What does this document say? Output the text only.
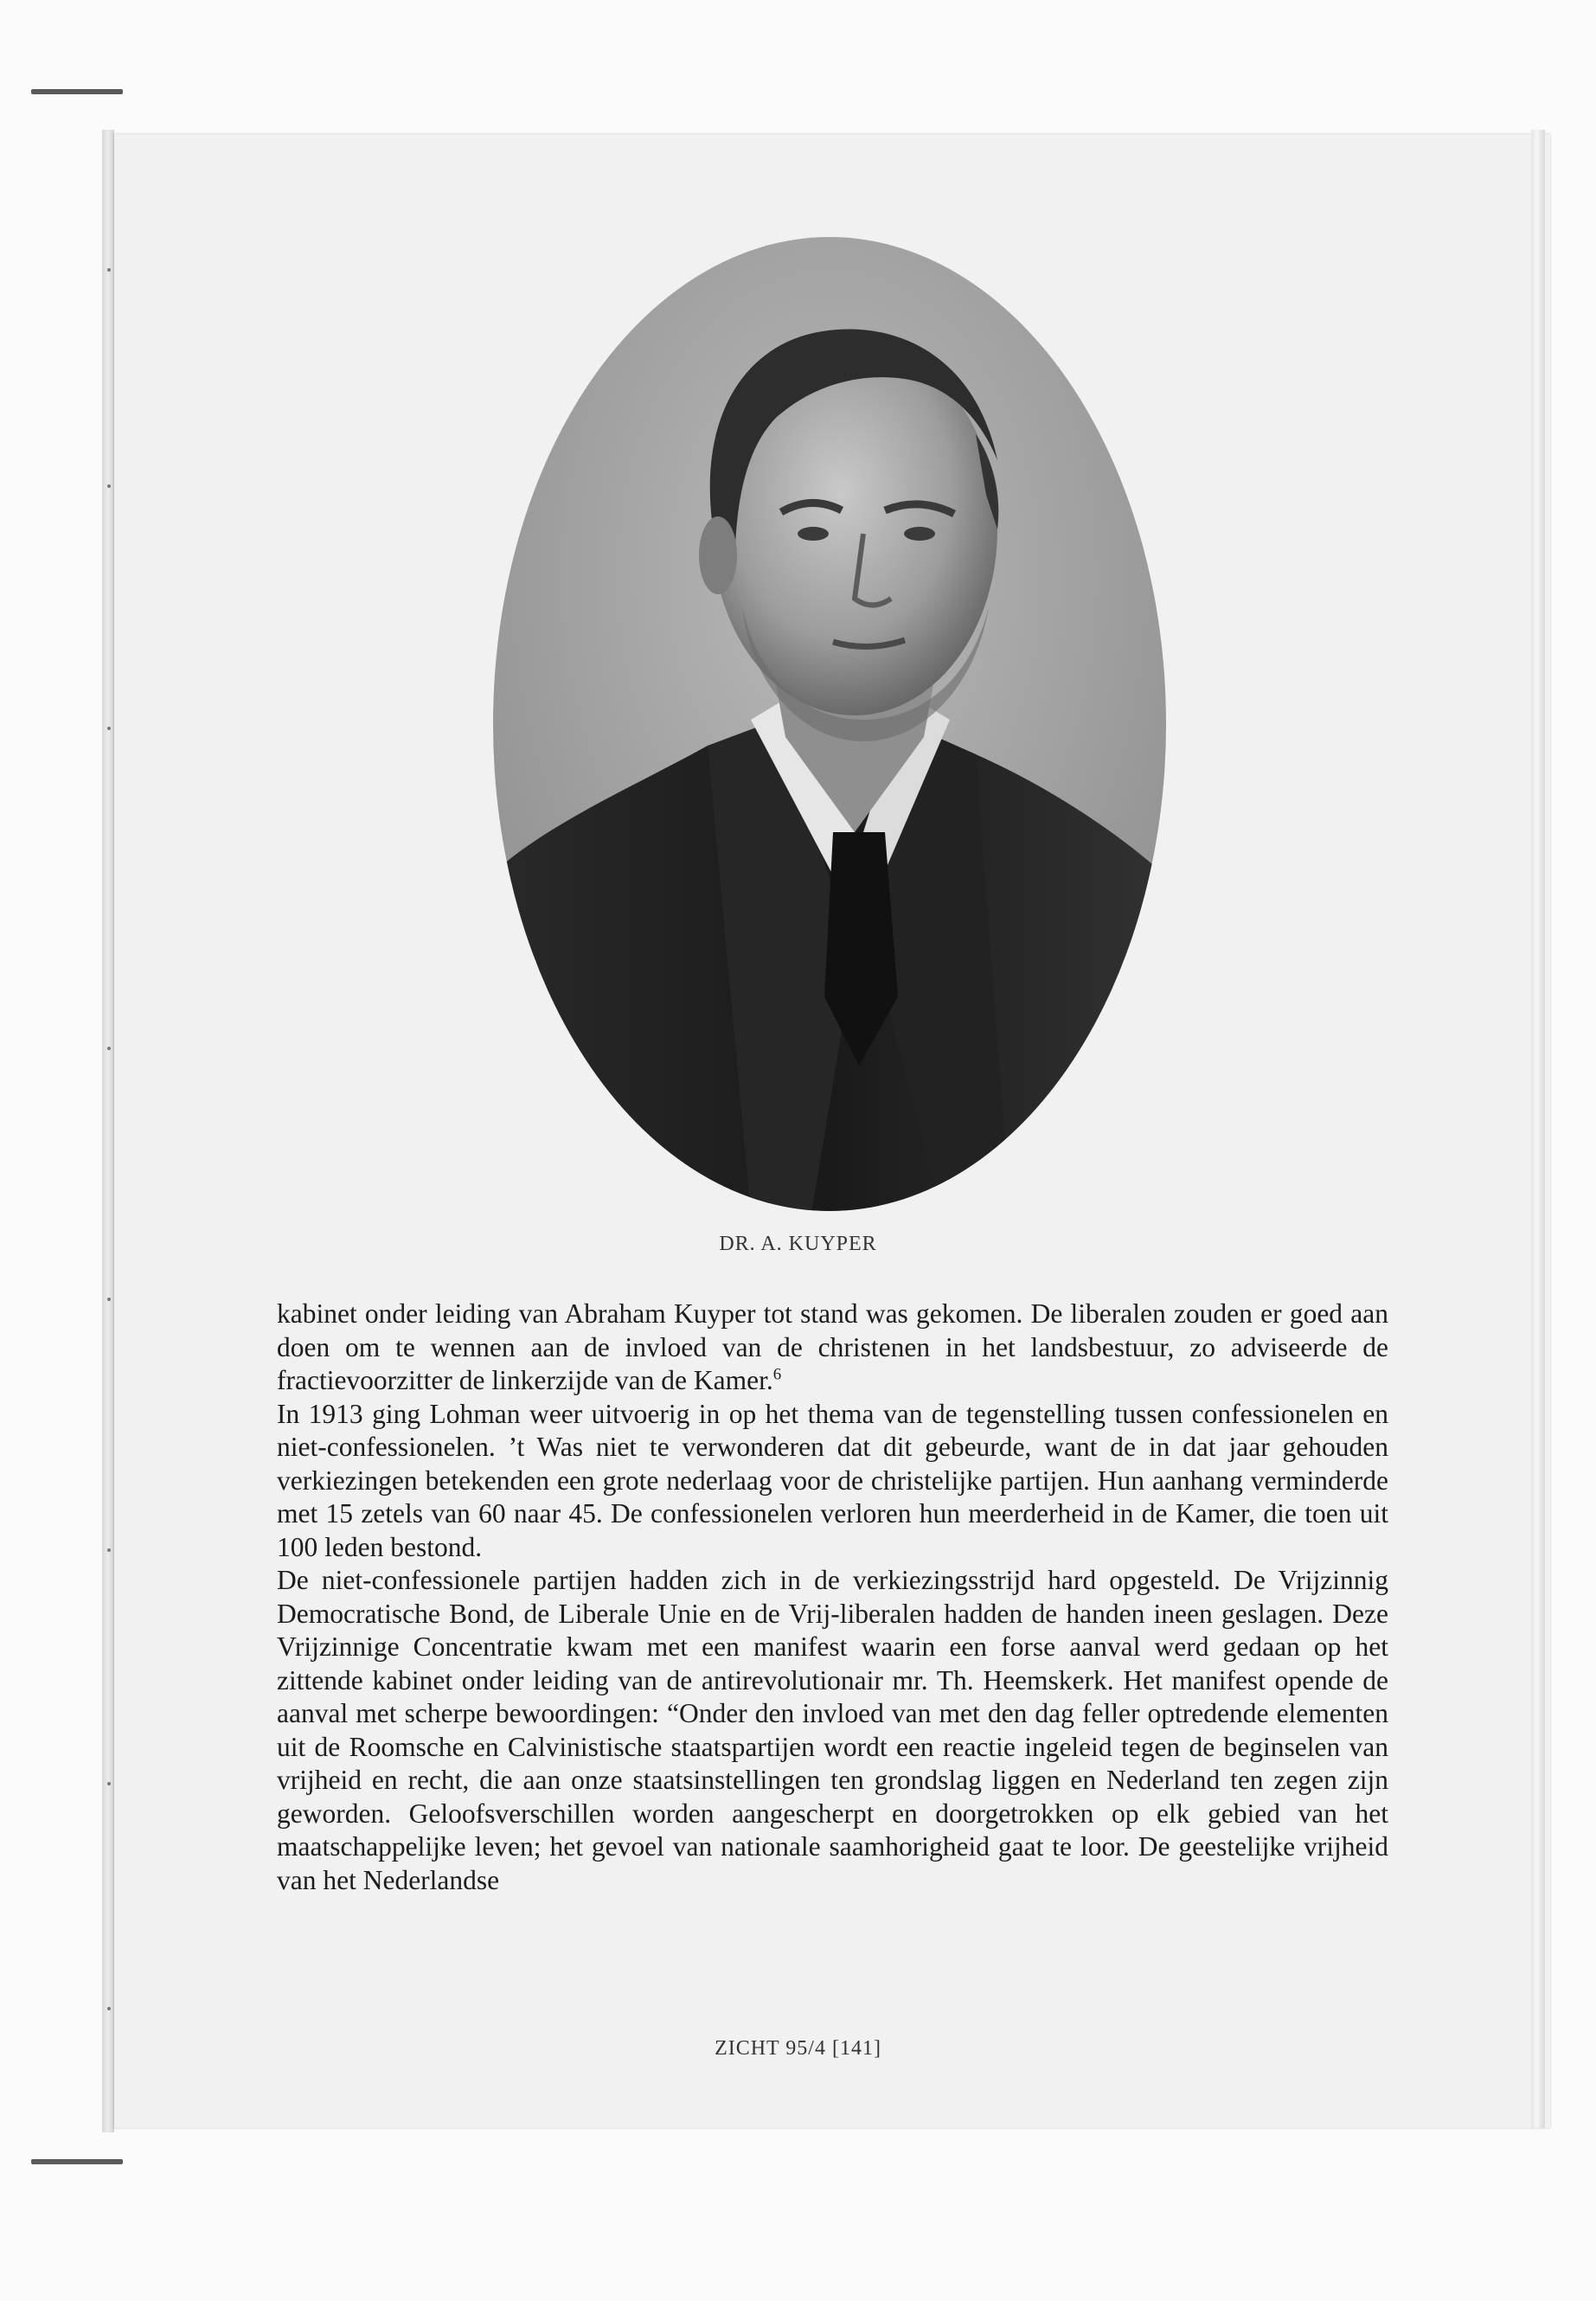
DR. A. KUYPER

kabinet onder leiding van Abraham Kuyper tot stand was gekomen. De liberalen zouden er goed aan doen om te wennen aan de invloed van de christenen in het landsbestuur, zo adviseerde de fractievoorzitter de linkerzijde van de Kamer.$^6$

In 1913 ging Lohman weer uitvoerig in op het thema van de tegenstelling tussen confessionelen en niet-confessionelen. ’t Was niet te verwonderen dat dit gebeurde, want de in dat jaar gehouden verkiezingen betekenden een grote nederlaag voor de christelijke partijen. Hun aanhang verminderde met 15 zetels van 60 naar 45. De confessionelen verloren hun meerderheid in de Kamer, die toen uit 100 leden bestond.

De niet-confessionele partijen hadden zich in de verkiezingsstrijd hard opgesteld. De Vrijzinnig Democratische Bond, de Liberale Unie en de Vrij-liberalen hadden de handen ineen geslagen. Deze Vrijzinnige Concentratie kwam met een manifest waarin een forse aanval werd gedaan op het zittende kabinet onder leiding van de antirevolutionair mr. Th. Heemskerk. Het manifest opende de aanval met scherpe bewoordingen: “Onder den invloed van met den dag feller optredende elementen uit de Roomsche en Calvinistische staatspartijen wordt een reactie ingeleid tegen de beginselen van vrijheid en recht, die aan onze staatsinstellingen ten grondslag liggen en Nederland ten zegen zijn geworden. Geloofsverschillen worden aangescherpt en doorgetrokken op elk gebied van het maatschappelijke leven; het gevoel van nationale saamhorigheid gaat te loor. De geestelijke vrijheid van het Nederlandse

ZICHT 95/4 [141]
